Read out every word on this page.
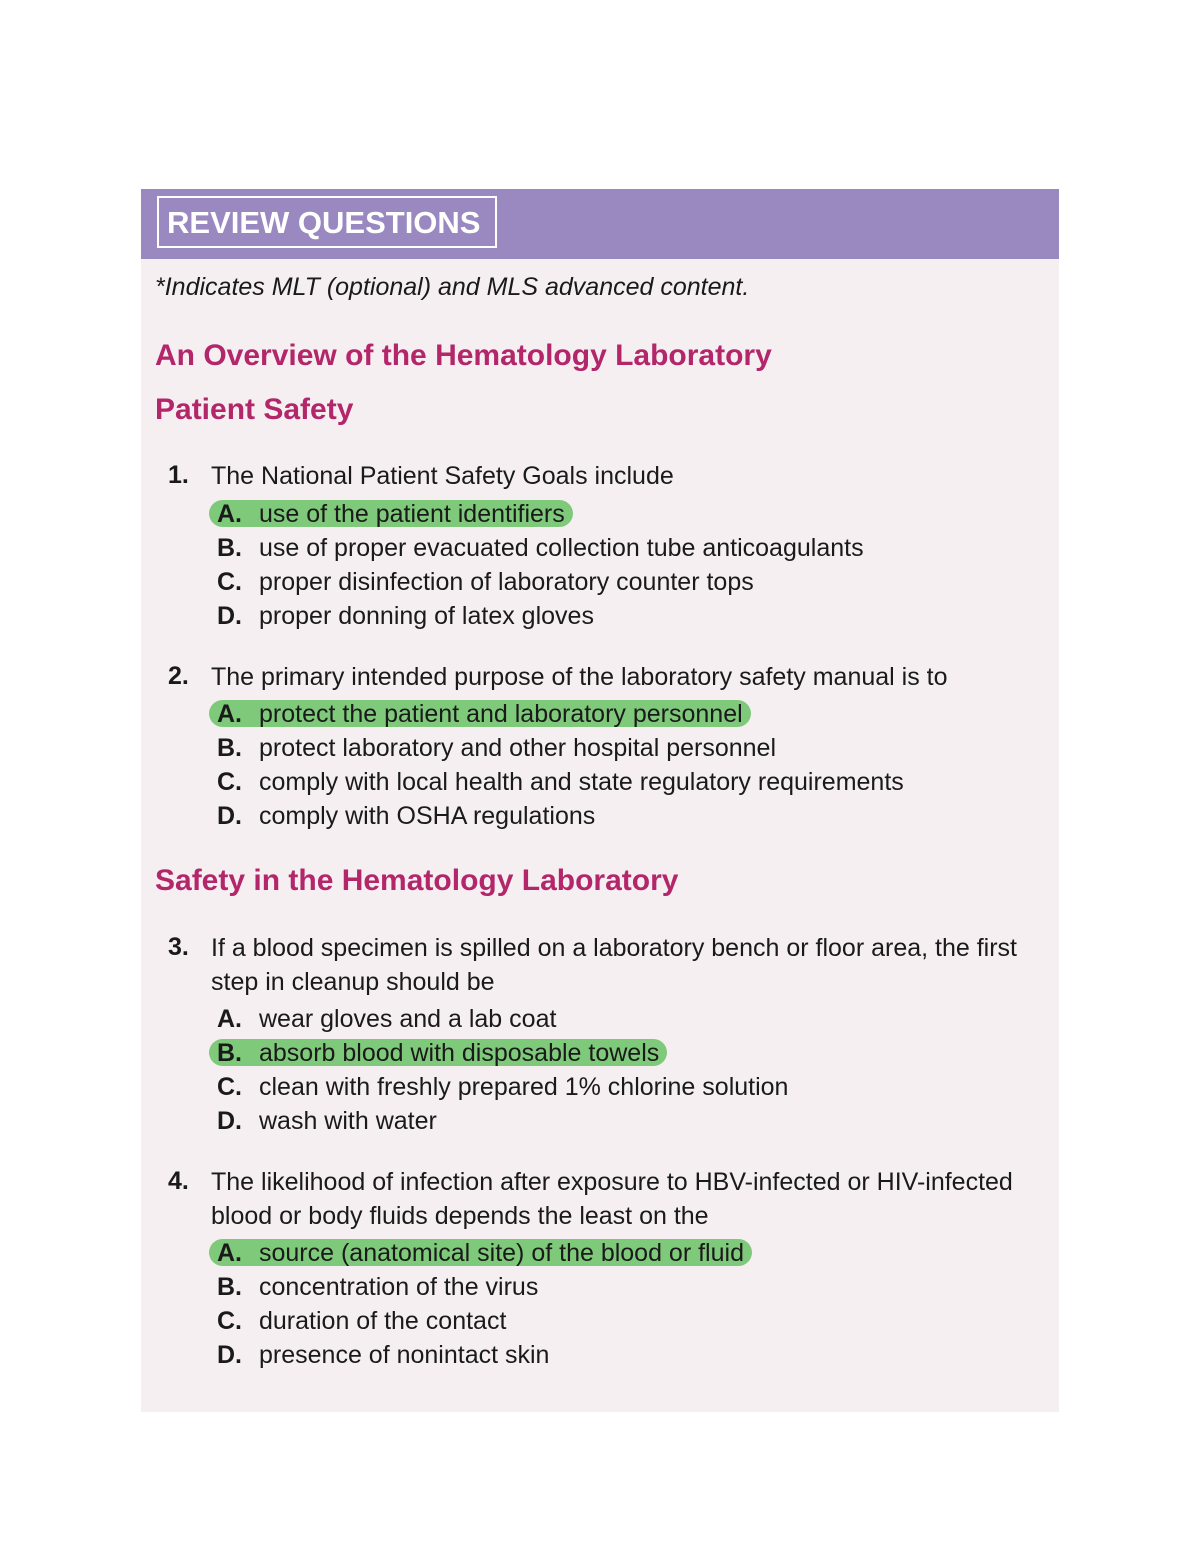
REVIEW QUESTIONS
*Indicates MLT (optional) and MLS advanced content.
An Overview of the Hematology Laboratory
Patient Safety
1. The National Patient Safety Goals include
A. use of the patient identifiers
B. use of proper evacuated collection tube anticoagulants
C. proper disinfection of laboratory counter tops
D. proper donning of latex gloves
2. The primary intended purpose of the laboratory safety manual is to
A. protect the patient and laboratory personnel
B. protect laboratory and other hospital personnel
C. comply with local health and state regulatory requirements
D. comply with OSHA regulations
Safety in the Hematology Laboratory
3. If a blood specimen is spilled on a laboratory bench or floor area, the first step in cleanup should be
A. wear gloves and a lab coat
B. absorb blood with disposable towels
C. clean with freshly prepared 1% chlorine solution
D. wash with water
4. The likelihood of infection after exposure to HBV-infected or HIV-infected blood or body fluids depends the least on the
A. source (anatomical site) of the blood or fluid
B. concentration of the virus
C. duration of the contact
D. presence of nonintact skin
